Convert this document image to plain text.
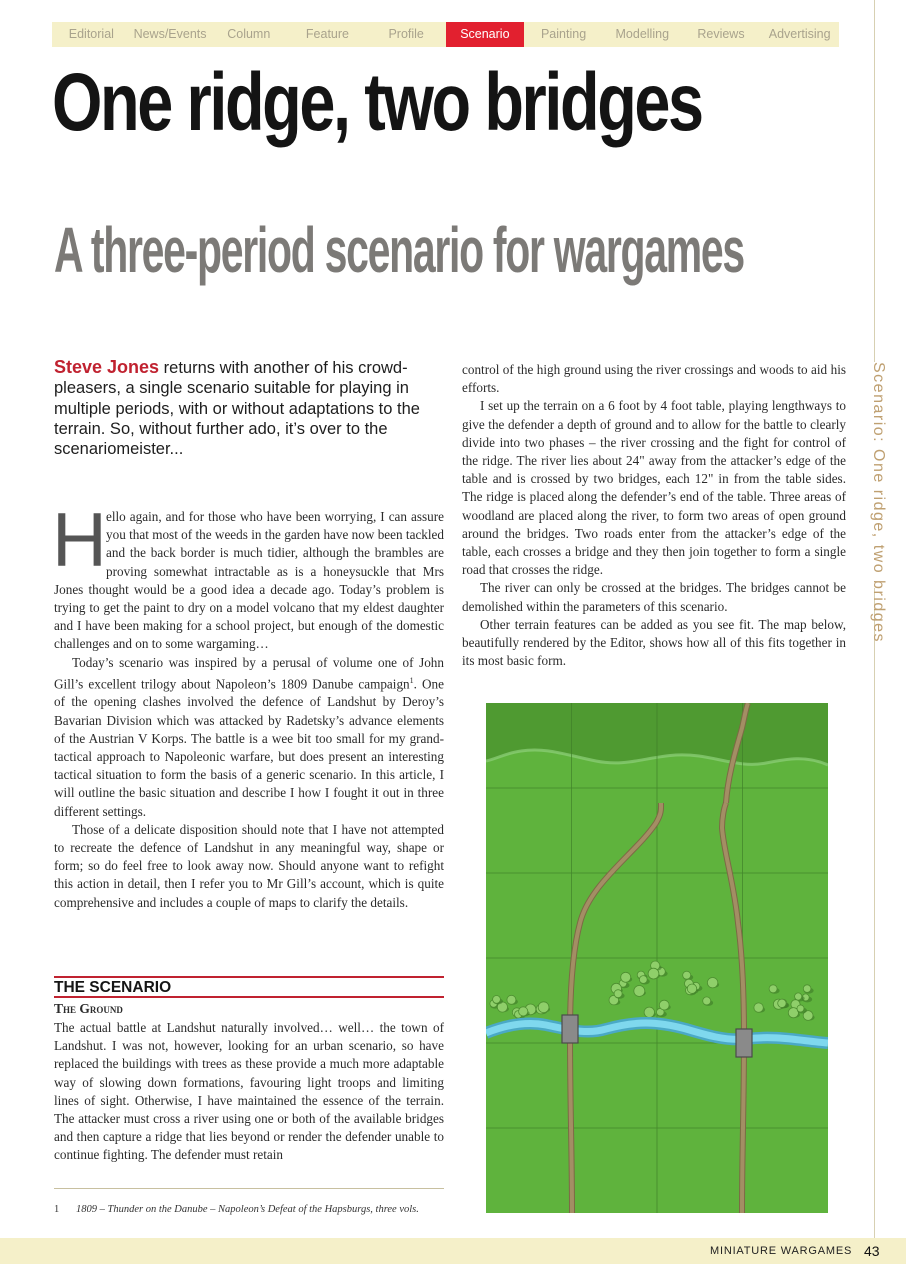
Editorial	News/Events	Column	Feature	Profile	Scenario	Painting	Modelling	Reviews	Advertising
Scenario: One ridge, two bridges
One ridge, two bridges
A three-period scenario for wargames
Steve Jones returns with another of his crowd-pleasers, a single scenario suitable for playing in multiple periods, with or without adaptations to the terrain. So, without further ado, it’s over to the scenariomeister...
H ello again, and for those who have been worrying, I can assure you that most of the weeds in the garden have now been tackled and the back border is much tidier, although the brambles are proving somewhat intractable as is a honeysuckle that Mrs Jones thought would be a good idea a decade ago. Today’s problem is trying to get the paint to dry on a model volcano that my eldest daughter and I have been making for a school project, but enough of the domestic challenges and on to some wargaming…

Today’s scenario was inspired by a perusal of volume one of John Gill’s excellent trilogy about Napoleon’s 1809 Danube campaign$^1$. One of the opening clashes involved the defence of Landshut by Deroy’s Bavarian Division which was attacked by Radetsky’s advance elements of the Austrian V Korps. The battle is a wee bit too small for my grand-tactical approach to Napoleonic warfare, but does present an interesting tactical situation to form the basis of a generic scenario. In this article, I will outline the basic situation and describe I how I fought it out in three different settings.

Those of a delicate disposition should note that I have not attempted to recreate the defence of Landshut in any meaningful way, shape or form; so do feel free to look away now. Should anyone want to refight this action in detail, then I refer you to Mr Gill’s account, which is quite comprehensive and includes a couple of maps to clarify the details.

THE SCENARIO
The Ground

The actual battle at Landshut naturally involved… well… the town of Landshut. I was not, however, looking for an urban scenario, so have replaced the buildings with trees as these provide a much more adaptable way of slowing down formations, favouring light troops and limiting lines of sight. Otherwise, I have maintained the essence of the terrain. The attacker must cross a river using one or both of the available bridges and then capture a ridge that lies beyond or render the defender unable to continue fighting. The defender must retain

1 1809 – Thunder on the Danube – Napoleon’s Defeat of the Hapsburgs, three vols.

control of the high ground using the river crossings and woods to aid his efforts.

I set up the terrain on a 6 foot by 4 foot table, playing lengthways to give the defender a depth of ground and to allow for the battle to clearly divide into two phases – the river crossing and the fight for control of the ridge. The river lies about 24" away from the attacker’s edge of the table and is crossed by two bridges, each 12" in from the table sides. The ridge is placed along the defender’s end of the table. Three areas of woodland are placed along the river, to form two areas of open ground around the bridges. Two roads enter from the attacker’s edge of the table, each crosses a bridge and they then join together to form a single road that crosses the ridge.

The river can only be crossed at the bridges. The bridges cannot be demolished within the parameters of this scenario.

Other terrain features can be added as you see fit. The map below, beautifully rendered by the Editor, shows how all of this fits together in its most basic form.

MINIATURE WARGAMES 43
